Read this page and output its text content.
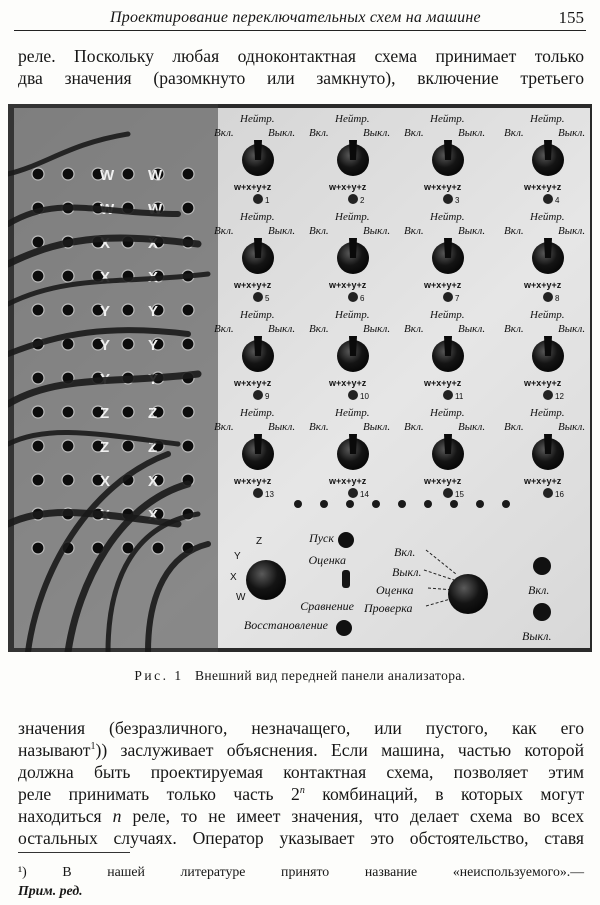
Проектирование переключательных схем на машине	155
реле. Поскольку любая одноконтактная схема принимает только
два значения (разомкнуто или замкнуто), включение третьего
W W
W W
X	X
X	X
Y	Y
Y	Y
Y	Y
Z	Z
Z	Z
X	X
X	X
Нейтр.
Вкл.	Выкл.
w+x+y+z
1
Нейтр.
Вкл.	Выкл.
w+x+y+z
2
Нейтр.
Вкл.	Выкл.
w+x+y+z
3
Нейтр.
Вкл.	Выкл.
w+x+y+z
4
Нейтр.
Вкл.	Выкл.
w+x+y+z
5
Нейтр.
Вкл.	Выкл.
w+x+y+z
6
Нейтр.
Вкл.	Выкл.
w+x+y+z
7
Нейтр.
Вкл.	Выкл.
w+x+y+z
8
Нейтр.
Вкл.	Выкл.
w+x+y+z
9
Нейтр.
Вкл.	Выкл.
w+x+y+z
10
Нейтр.
Вкл.	Выкл.
w+x+y+z
11
Нейтр.
Вкл.	Выкл.
w+x+y+z
12
Нейтр.
Вкл.	Выкл.
w+x+y+z
13
Нейтр.
Вкл.	Выкл.
w+x+y+z
14
Нейтр.
Вкл.	Выкл.
w+x+y+z
15
Нейтр.
Вкл.	Выкл.
w+x+y+z
16
Z
Y
X
W
Пуск
Оценка
Сравнение
Восстановление
Вкл.
Выкл.
Оценка
Проверка
Вкл.
Выкл.
Рис. 1 Внешний вид передней панели анализатора.
значения (безразличного, незначащего, или пустого, как его
называют$^1$)) заслуживает объяснения. Если машина, частью которой
должна быть проектируемая контактная схема, позволяет этим
реле принимать только часть 2$^n$ комбинаций, в которых могут
находиться n реле, то не имеет значения, что делает схема во всех
остальных случаях. Оператор указывает это обстоятельство, ставя
¹) В нашей литературе принято название «неиспользуемого».—
Прим. ред.
